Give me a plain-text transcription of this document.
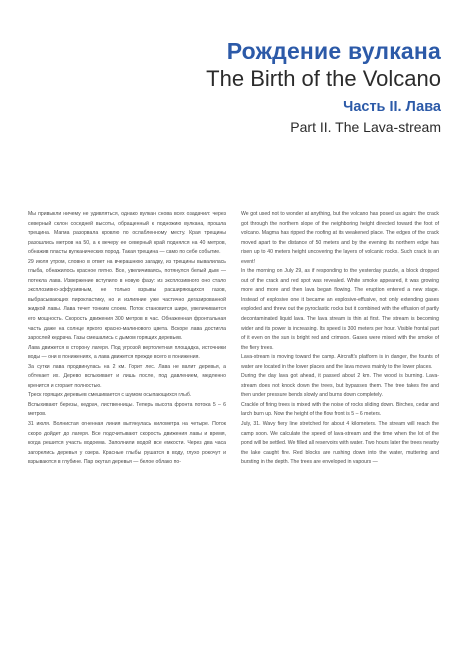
Рождение вулкана
The Birth of the Volcano
Часть II. Лава
Part II. The Lava-stream

Мы привыкли ничему не удивляться, однако вулкан снова всех озадачил: через северный склон соседней высоты, обращенный к подножию вулкана, прошла трещина. Магма разорвала кровлю по ослабленному месту. Края трещины разошлись метров на 50, а к вечеру ее северный край поднялся на 40 метров, обнажив пласты вулканических пород. Такая трещина — само по себе событие.

29 июля утром, словно в ответ на вчерашнюю загадку, из трещины вывалилась глыба, обнажилось красное пятно. Все, увеличиваясь, потянулся белый дым — потекла лава. Извержение вступило в новую фазу: из эксплозивного оно стало эксплозивно-эффузивным, не только взрывы расширяющихся газов, выбрасывающих пирокластику, но и излияние уже частично дегазированной жидкой лавы. Лава течет тонким слоем. Поток становится шире, увеличивается его мощность. Скорость движения 300 метров в час. Обнаженная фронтальная часть даже на солнце яркого красно-малинового цвета. Вскоре лава достигла зарослей кедрача. Газы смешались с дымом горящих деревьев.

Лава движется в сторону лагеря. Под угрозой вертолетная площадка, источники воды — они в понижениях, а лава движется прежде всего в понижения.

За сутки лава продвинулась на 2 км. Горит лес. Лава не валит деревья, а обтекает их. Дерево вспыхивает и лишь после, под давлением, медленно кренится и сгорает полностью.

Треск горящих деревьев смешивается с шумом осыпающихся глыб.

Вспыхивают березы, кедрач, лиственницы. Теперь высота фронта потока 5 – 6 метров.

31 июля. Волнистая огненная линия вытянулась километра на четыре. Поток скоро дойдет до лагеря. Все подсчитывают скорость движения лавы и время, когда решится участь водоема. Заполнили водой все емкости. Через два часа загорелись деревья у озера. Красные глыбы рушатся в воду, глухо рокочут и взрываются в глубине. Пар окутал деревья — белое облако по-

We got used not to wonder at anything, but the volcano has posed us again: the crack got through the northern slope of the neighboring height directed toward the foot of volcano. Magma has ripped the roofing at its weakened place. The edges of the crack moved apart to the distance of 50 meters and by the evening its northern edge has risen up to 40 meters height uncovering the layers of volcanic rocks. Such crack is an event!

In the morning on July 29, as if responding to the yesterday puzzle, a block dropped out of the crack and red spot was revealed. White smoke appeared, it was growing more and more and then lava began flowing. The eruption entered a new stage. Instead of explosive one it became an explosive-effusive, not only extending gases exploded and threw out the pyroclastic rocks but it combined with the effusion of partly decontaminated liquid lava. The lava stream is thin at first. The stream is becoming wider and its power is increasing. Its speed is 300 meters per hour. Visible frontal part of it even on the sun is bright red and crimson. Gases were mixed with the smoke of the fiery trees.

Lava-stream is moving toward the camp. Aircraft's platform is in danger, the founts of water are located in the lower places and the lava moves mainly to the lower places.

During the day lava got ahead, it passed about 2 km. The wood is burning. Lava-stream does not knock down the trees, but bypasses them. The tree takes fire and then under pressure bends slowly and burns down completely.

Crackle of firing trees is mixed with the noise of rocks sliding down. Birches, cedar and larch burn up. Now the height of the flow front is 5 – 6 meters.

July, 31. Wavy fiery line stretched for about 4 kilometers. The stream will reach the camp soon. We calculate the speed of lava-stream and the time when the lot of the pond will be settled. We filled all reservoirs with water. Two hours later the trees nearby the lake caught fire. Red blocks are rushing down into the water, muttering and bursting in the depth. The trees are enveloped in vapours —
